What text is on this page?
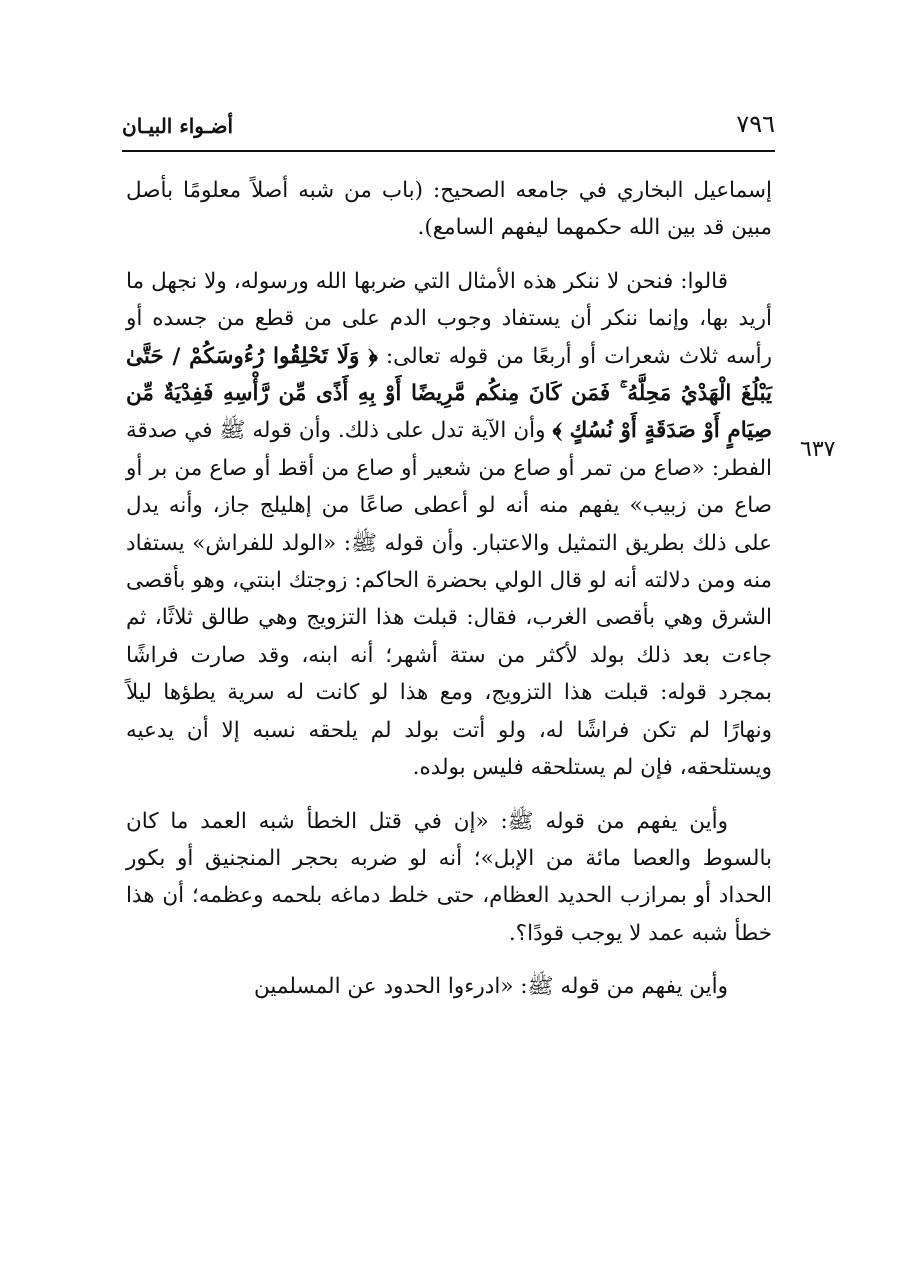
٧٩٦
أضـواء البيـان
٦٣٧

إسماعيل البخاري في جامعه الصحيح: (باب من شبه أصلاً معلومًا بأصل مبين قد بين الله حكمهما ليفهم السامع).

قالوا: فنحن لا ننكر هذه الأمثال التي ضربها الله ورسوله، ولا نجهل ما أريد بها، وإنما ننكر أن يستفاد وجوب الدم على من قطع من جسده أو رأسه ثلاث شعرات أو أربعًا من قوله تعالى: ﴿ وَلَا تَحْلِقُوا رُءُوسَكُمْ / حَتَّىٰ يَبْلُغَ الْهَدْيُ مَحِلَّهُ ۚ فَمَن كَانَ مِنكُم مَّرِيضًا أَوْ بِهِ أَذًى مِّن رَّأْسِهِ فَفِدْيَةٌ مِّن صِيَامٍ أَوْ صَدَقَةٍ أَوْ نُسُكٍ ﴾ وأن الآية تدل على ذلك. وأن قوله ﷺ في صدقة الفطر: «صاع من تمر أو صاع من شعير أو صاع من أقط أو صاع من بر أو صاع من زبيب» يفهم منه أنه لو أعطى صاعًا من إهليلج جاز، وأنه يدل على ذلك بطريق التمثيل والاعتبار. وأن قوله ﷺ: «الولد للفراش» يستفاد منه ومن دلالته أنه لو قال الولي بحضرة الحاكم: زوجتك ابنتي، وهو بأقصى الشرق وهي بأقصى الغرب، فقال: قبلت هذا التزويج وهي طالق ثلاثًا، ثم جاءت بعد ذلك بولد لأكثر من ستة أشهر؛ أنه ابنه، وقد صارت فراشًا بمجرد قوله: قبلت هذا التزويج، ومع هذا لو كانت له سرية يطؤها ليلاً ونهارًا لم تكن فراشًا له، ولو أتت بولد لم يلحقه نسبه إلا أن يدعيه ويستلحقه، فإن لم يستلحقه فليس بولده.

وأين يفهم من قوله ﷺ: «إن في قتل الخطأ شبه العمد ما كان بالسوط والعصا مائة من الإبل»؛ أنه لو ضربه بحجر المنجنيق أو بكور الحداد أو بمرازب الحديد العظام، حتى خلط دماغه بلحمه وعظمه؛ أن هذا خطأ شبه عمد لا يوجب قودًا؟.

وأين يفهم من قوله ﷺ: «ادرءوا الحدود عن المسلمين
